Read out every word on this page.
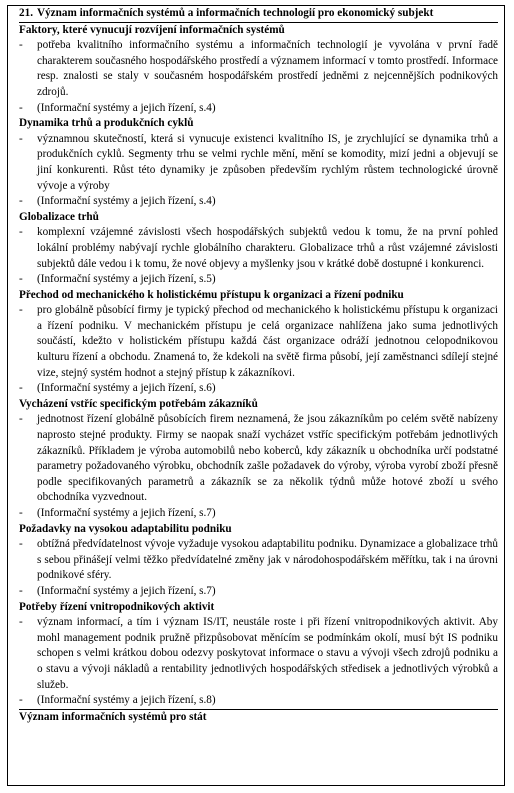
21. Význam informačních systémů a informačních technologií pro ekonomický subjekt
Faktory, které vynucují rozvíjení informačních systémů
-	potřeba kvalitního informačního systému a informačních technologií je vyvolána v první řadě charakterem současného hospodářského prostředí a významem informací v tomto prostředí. Informace resp. znalosti se staly v současném hospodářském prostředí jedněmi z nejcennějších podnikových zdrojů.
-	(Informační systémy a jejich řízení, s.4)
Dynamika trhů a produkčních cyklů
-	významnou skutečností, která si vynucuje existenci kvalitního IS, je zrychlující se dynamika trhů a produkčních cyklů. Segmenty trhu se velmi rychle mění, mění se komodity, mizí jedni a objevují se jiní konkurenti. Růst této dynamiky je způsoben především rychlým růstem technologické úrovně vývoje a výroby
-	(Informační systémy a jejich řízení, s.4)
Globalizace trhů
-	komplexní vzájemné závislosti všech hospodářských subjektů vedou k tomu, že na první pohled lokální problémy nabývají rychle globálního charakteru. Globalizace trhů a růst vzájemné závislosti subjektů dále vedou i k tomu, že nové objevy a myšlenky jsou v krátké době dostupné i konkurenci.
-	(Informační systémy a jejich řízení, s.5)
Přechod od mechanického k holistickému přístupu k organizaci a řízení podniku
-	pro globálně působící firmy je typický přechod od mechanického k holistickému přístupu k organizaci a řízení podniku. V mechanickém přístupu je celá organizace nahlížena jako suma jednotlivých součástí, kdežto v holistickém přístupu každá část organizace odráží jednotnou celopodnikovou kulturu řízení a obchodu. Znamená to, že kdekoli na světě firma působí, její zaměstnanci sdílejí stejné vize, stejný systém hodnot a stejný přístup k zákazníkovi.
-	(Informační systémy a jejich řízení, s.6)
Vycházení vstříc specifickým potřebám zákazníků
-	jednotnost řízení globálně působících firem neznamená, že jsou zákazníkům po celém světě nabízeny naprosto stejné produkty. Firmy se naopak snaží vycházet vstříc specifickým potřebám jednotlivých zákazníků. Příkladem je výroba automobilů nebo koberců, kdy zákazník u obchodníka určí podstatné parametry požadovaného výrobku, obchodník zašle požadavek do výroby, výroba vyrobí zboží přesně podle specifikovaných parametrů a zákazník se za několik týdnů může hotové zboží u svého obchodníka vyzvednout.
-	(Informační systémy a jejich řízení, s.7)
Požadavky na vysokou adaptabilitu podniku
-	obtížná předvídatelnost vývoje vyžaduje vysokou adaptabilitu podniku. Dynamizace a globalizace trhů s sebou přinášejí velmi těžko předvídatelné změny jak v národohospodářském měřítku, tak i na úrovni podnikové sféry.
-	(Informační systémy a jejich řízení, s.7)
Potřeby řízení vnitropodnikových aktivit
-	význam informací, a tím i význam IS/IT, neustále roste i při řízení vnitropodnikových aktivit. Aby mohl management podnik pružně přizpůsobovat měnícím se podmínkám okolí, musí být IS podniku schopen s velmi krátkou dobou odezvy poskytovat informace o stavu a vývoji všech zdrojů podniku a o stavu a vývoji nákladů a rentability jednotlivých hospodářských středisek a jednotlivých výrobků a služeb.
-	(Informační systémy a jejich řízení, s.8)
Význam informačních systémů pro stát
